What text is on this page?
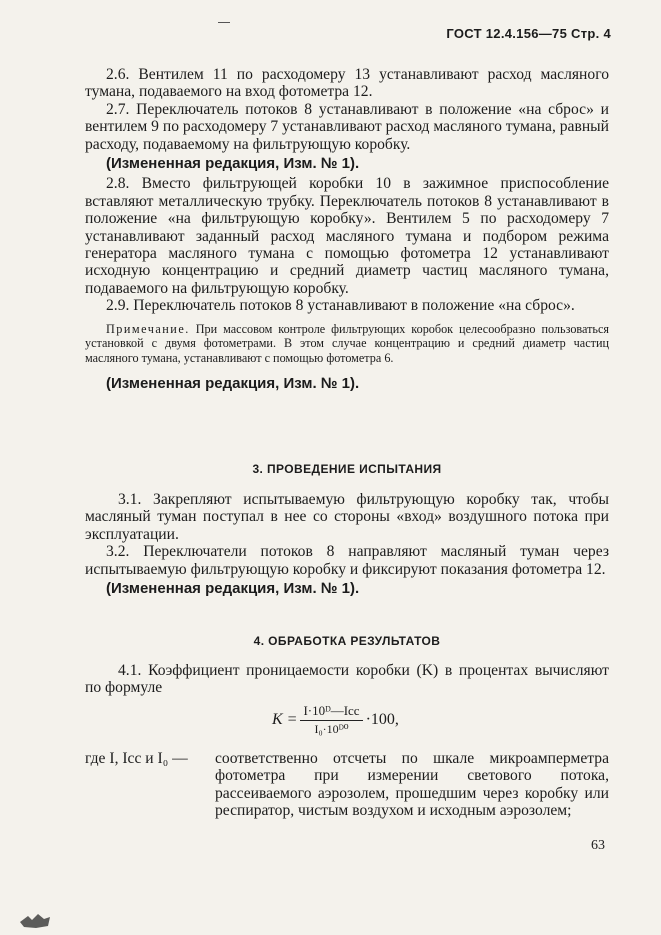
ГОСТ 12.4.156—75 Стр. 4

2.6. Вентилем 11 по расходомеру 13 устанавливают расход масляного тумана, подаваемого на вход фотометра 12.

2.7. Переключатель потоков 8 устанавливают в положение «на сброс» и вентилем 9 по расходомеру 7 устанавливают расход масляного тумана, равный расходу, подаваемому на фильтрующую коробку.

(Измененная редакция, Изм. № 1).

2.8. Вместо фильтрующей коробки 10 в зажимное приспособление вставляют металлическую трубку. Переключатель потоков 8 устанавливают в положение «на фильтрующую коробку». Вентилем 5 по расходомеру 7 устанавливают заданный расход масляного тумана и подбором режима генератора масляного тумана с помощью фотометра 12 устанавливают исходную концентрацию и средний диаметр частиц масляного тумана, подаваемого на фильтрующую коробку.

2.9. Переключатель потоков 8 устанавливают в положение «на сброс».

Примечание. При массовом контроле фильтрующих коробок целесообразно пользоваться установкой с двумя фотометрами. В этом случае концентрацию и средний диаметр частиц масляного тумана, устанавливают с помощью фотометра 6.

(Измененная редакция, Изм. № 1).

3. ПРОВЕДЕНИЕ ИСПЫТАНИЯ

3.1. Закрепляют испытываемую фильтрующую коробку так, чтобы масляный туман поступал в нее со стороны «вход» воздушного потока при эксплуатации.

3.2. Переключатели потоков 8 направляют масляный туман через испытываемую фильтрующую коробку и фиксируют показания фотометра 12.

(Измененная редакция, Изм. № 1).

4. ОБРАБОТКА РЕЗУЛЬТАТОВ

4.1. Коэффициент проницаемости коробки (K) в процентах вычисляют по формуле

$K = \frac{\text{I·10ᴰ—Iсс}}{\text{I₀·10ᴰ⁰}} \cdot 100$,
где I, Iсс и I₀ — соответственно отсчеты по шкале микроамперметра фотометра при измерении светового потока, рассеиваемого аэрозолем, прошедшим через коробку или респиратор, чистым воздухом и исходным аэрозолем;
63
